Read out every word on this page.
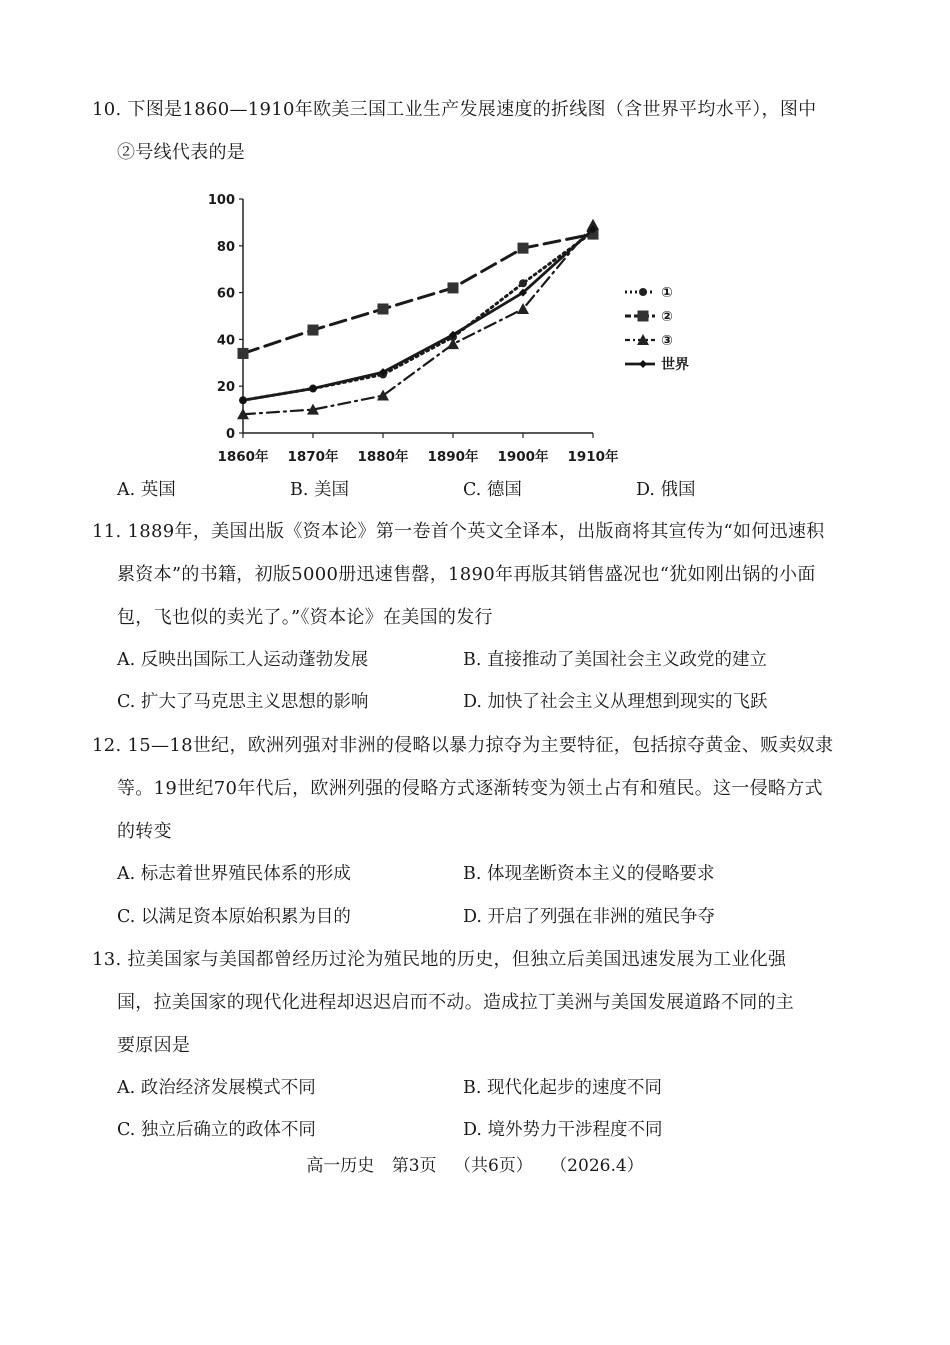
10. 下图是1860—1910年欧美三国工业生产发展速度的折线图（含世界平均水平），图中
②号线代表的是
0
20
40
60
80
100
1860年 1870年 1880年 1890年 1900年 1910年
①
②
③
世界
A. 英国	B. 美国	C. 德国	D. 俄国
11. 1889年，美国出版《资本论》第一卷首个英文全译本，出版商将其宣传为“如何迅速积
累资本”的书籍，初版5000册迅速售罄，1890年再版其销售盛况也“犹如刚出锅的小面
包，飞也似的卖光了。”《资本论》在美国的发行
A. 反映出国际工人运动蓬勃发展	B. 直接推动了美国社会主义政党的建立
C. 扩大了马克思主义思想的影响	D. 加快了社会主义从理想到现实的飞跃
12. 15—18世纪，欧洲列强对非洲的侵略以暴力掠夺为主要特征，包括掠夺黄金、贩卖奴隶
等。19世纪70年代后，欧洲列强的侵略方式逐渐转变为领土占有和殖民。这一侵略方式
的转变
A. 标志着世界殖民体系的形成	B. 体现垄断资本主义的侵略要求
C. 以满足资本原始积累为目的	D. 开启了列强在非洲的殖民争夺
13. 拉美国家与美国都曾经历过沦为殖民地的历史，但独立后美国迅速发展为工业化强
国，拉美国家的现代化进程却迟迟启而不动。造成拉丁美洲与美国发展道路不同的主
要原因是
A. 政治经济发展模式不同	B. 现代化起步的速度不同
C. 独立后确立的政体不同	D. 境外势力干涉程度不同
高一历史 第3页 （共6页） （2026.4）
